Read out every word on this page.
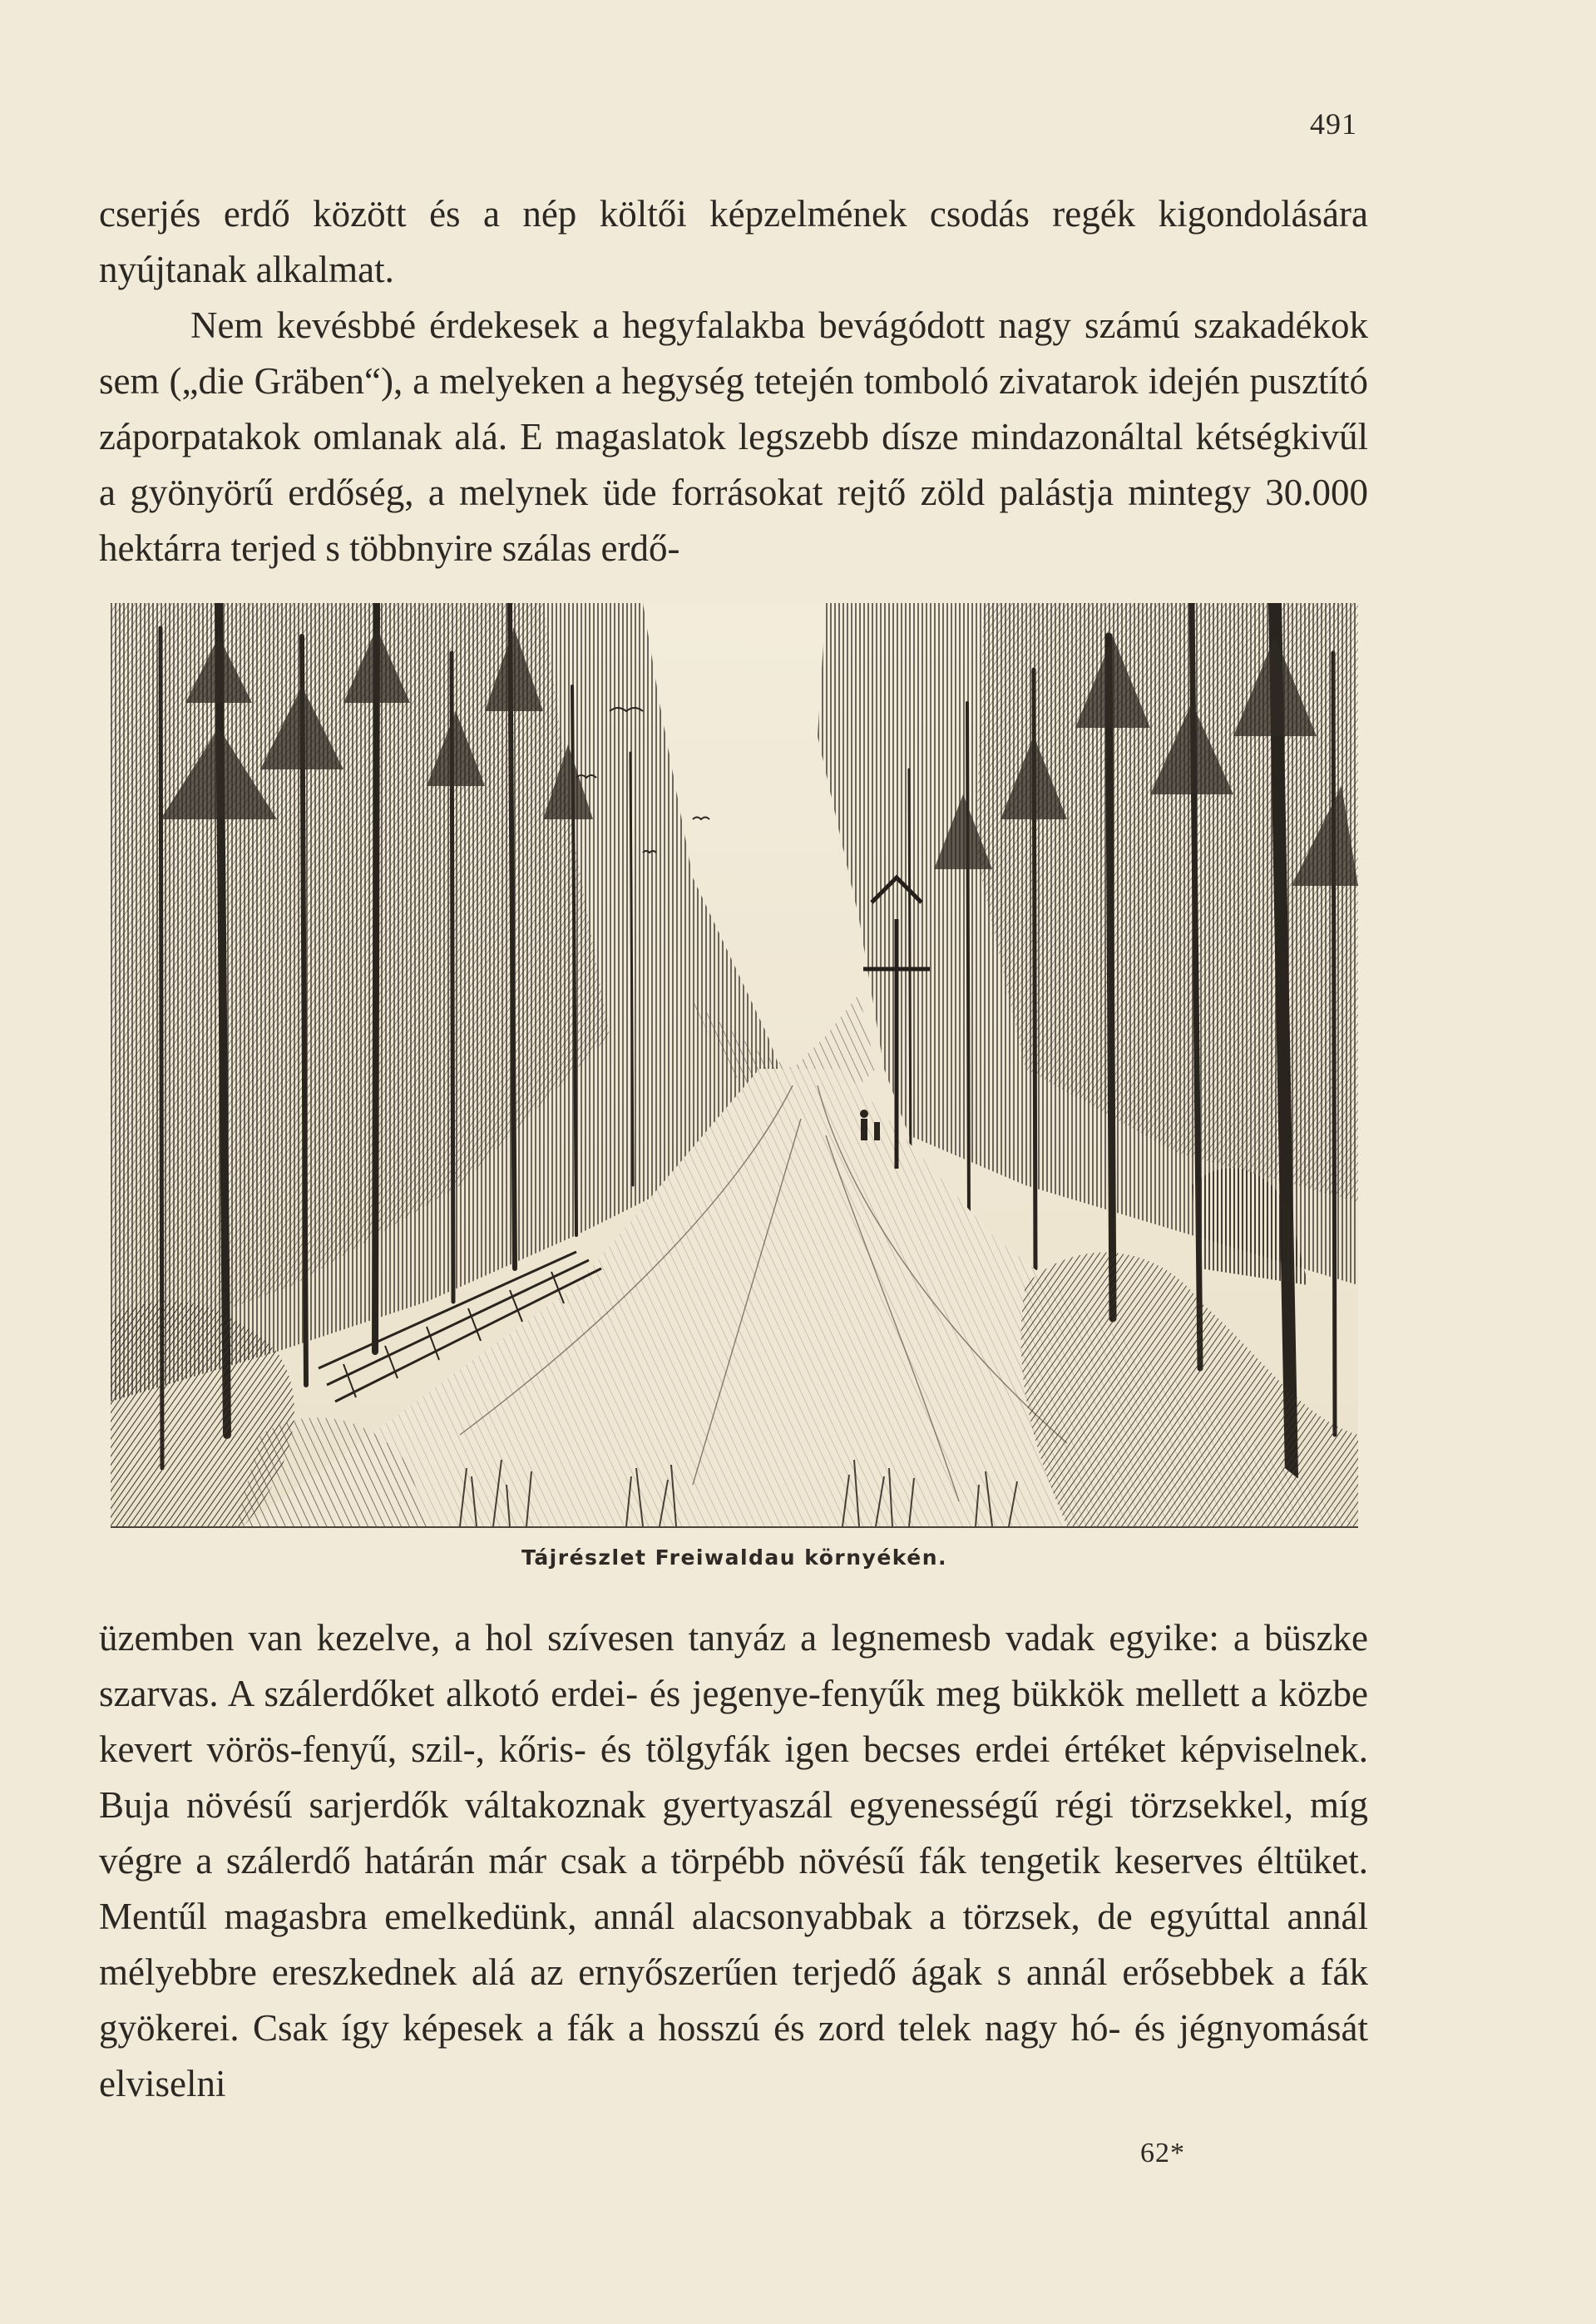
491

cserjés erdő között és a nép költői képzelmének csodás regék kigondolására nyújtanak alkalmat.

Nem kevésbbé érdekesek a hegyfalakba bevágódott nagy számú szakadékok sem („die Gräben“), a melyeken a hegység tetején tomboló zivatarok idején pusztító záporpatakok omlanak alá. E magaslatok legszebb dísze mindazonáltal kétségkivűl a gyönyörű erdőség, a melynek üde forrásokat rejtő zöld palástja mintegy 30.000 hektárra terjed s többnyire szálas erdő-

Tájrészlet Freiwaldau környékén.

üzemben van kezelve, a hol szívesen tanyáz a legnemesb vadak egyike: a büszke szarvas. A szálerdőket alkotó erdei- és jegenye-fenyűk meg bükkök mellett a közbe kevert vörös-fenyű, szil-, kőris- és tölgyfák igen becses erdei értéket képviselnek. Buja növésű sarjerdők váltakoznak gyertyaszál egyenességű régi törzsekkel, míg végre a szálerdő határán már csak a törpébb növésű fák tengetik keserves éltüket. Mentűl magasbra emelkedünk, annál alacsonyabbak a törzsek, de egyúttal annál mélyebbre ereszkednek alá az ernyőszerűen terjedő ágak s annál erősebbek a fák gyökerei. Csak így képesek a fák a hosszú és zord telek nagy hó- és jégnyomását elviselni

62*
